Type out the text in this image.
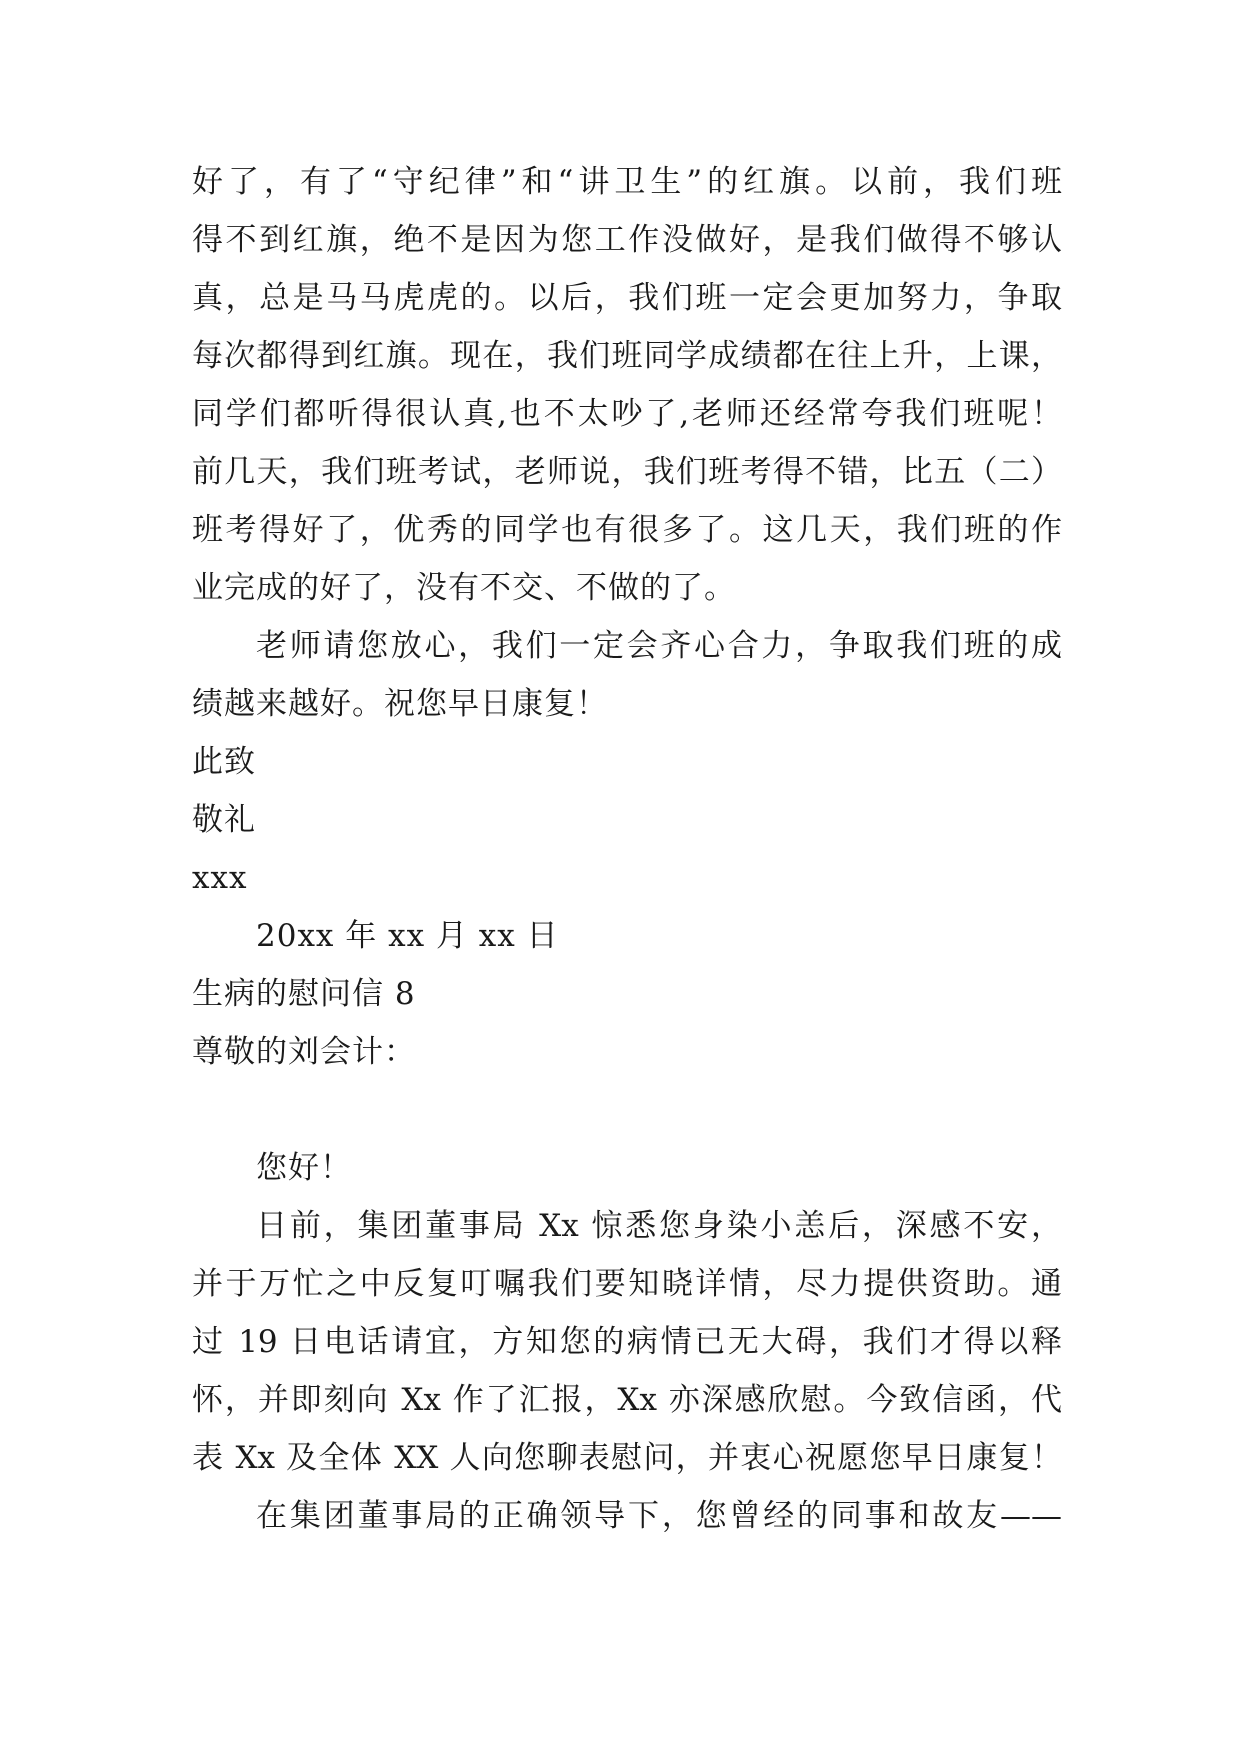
好了，有了“守纪律”和“讲卫生”的红旗。以前，我们班

得不到红旗，绝不是因为您工作没做好，是我们做得不够认

真，总是马马虎虎的。以后，我们班一定会更加努力，争取

每次都得到红旗。现在，我们班同学成绩都在往上升，上课，

同学们都听得很认真,也不太吵了,老师还经常夸我们班呢！

前几天，我们班考试，老师说，我们班考得不错，比五（二）

班考得好了，优秀的同学也有很多了。这几天，我们班的作

业完成的好了，没有不交、不做的了。

老师请您放心，我们一定会齐心合力，争取我们班的成

绩越来越好。祝您早日康复！

此致

敬礼

xxx

20xx 年 xx 月 xx 日

生病的慰问信 8

尊敬的刘会计：

您好！

日前，集团董事局 Xx 惊悉您身染小恙后，深感不安，

并于万忙之中反复叮嘱我们要知晓详情，尽力提供资助。通

过 19 日电话请宜，方知您的病情已无大碍，我们才得以释

怀，并即刻向 Xx 作了汇报，Xx 亦深感欣慰。今致信函，代

表 Xx 及全体 XX 人向您聊表慰问，并衷心祝愿您早日康复！

在集团董事局的正确领导下，您曾经的同事和故友——
